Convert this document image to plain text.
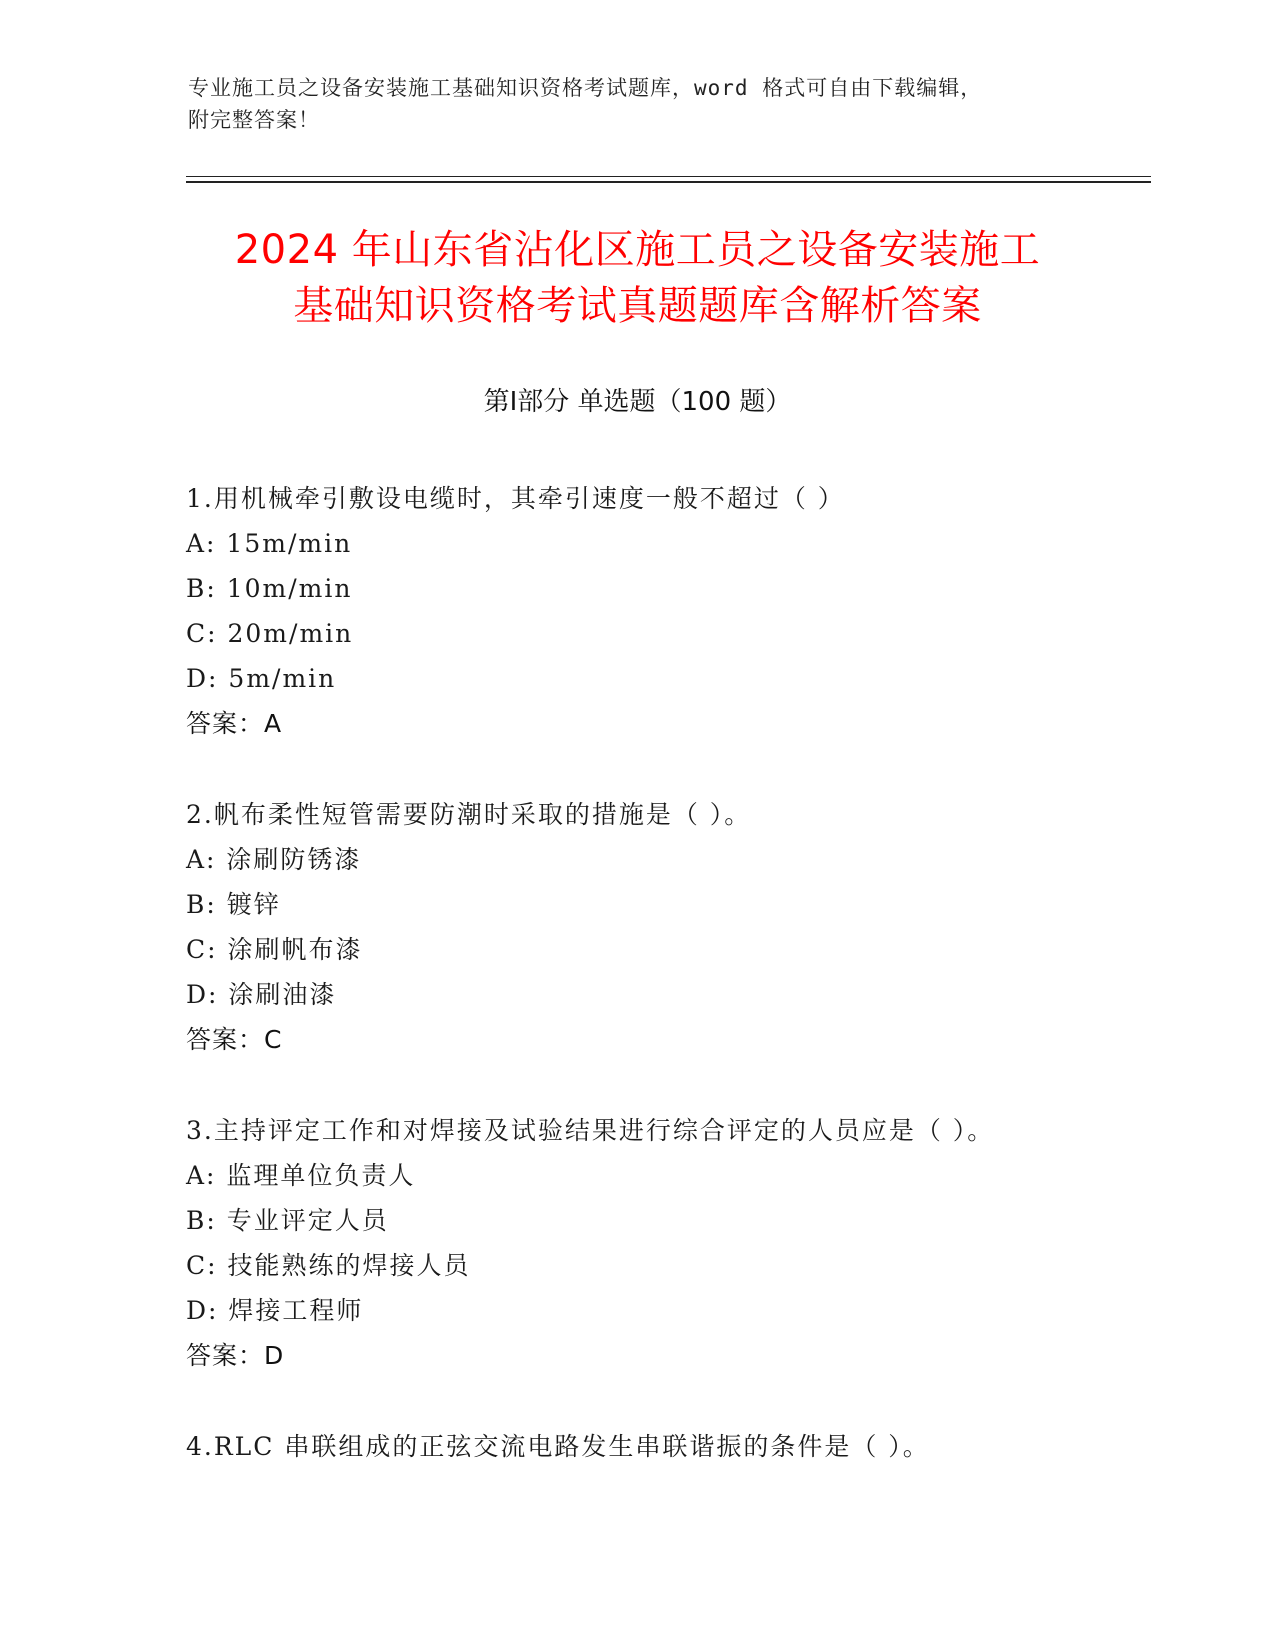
专业施工员之设备安装施工基础知识资格考试题库，word 格式可自由下载编辑，
附完整答案！
2024 年山东省沾化区施工员之设备安装施工
基础知识资格考试真题题库含解析答案
第Ⅰ部分 单选题（100 题）
1.用机械牵引敷设电缆时，其牵引速度一般不超过（ ）
A: 15m/min
B: 10m/min
C: 20m/min
D: 5m/min
答案：A
2.帆布柔性短管需要防潮时采取的措施是（ ）。
A: 涂刷防锈漆
B: 镀锌
C: 涂刷帆布漆
D: 涂刷油漆
答案：C
3.主持评定工作和对焊接及试验结果进行综合评定的人员应是（ ）。
A: 监理单位负责人
B: 专业评定人员
C: 技能熟练的焊接人员
D: 焊接工程师
答案：D
4.RLC 串联组成的正弦交流电路发生串联谐振的条件是（ ）。
